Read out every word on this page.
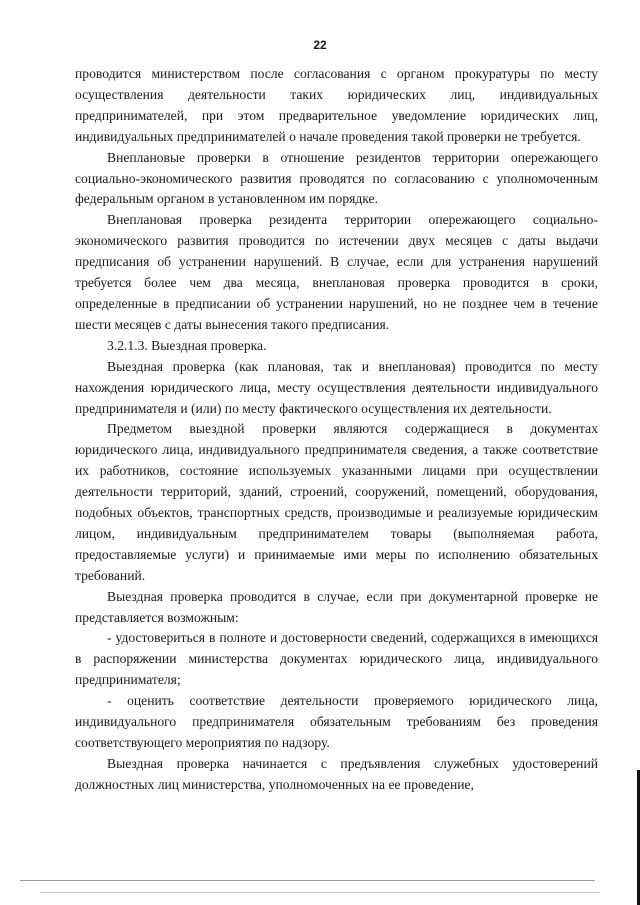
22

проводится министерством после согласования с органом прокуратуры по месту осуществления деятельности таких юридических лиц, индивидуальных предпринимателей, при этом предварительное уведомление юридических лиц, индивидуальных предпринимателей о начале проведения такой проверки не требуется.

Внеплановые проверки в отношение резидентов территории опережающего социально-экономического развития проводятся по согласованию с уполномоченным федеральным органом в установленном им порядке.

Внеплановая проверка резидента территории опережающего социально-экономического развития проводится по истечении двух месяцев с даты выдачи предписания об устранении нарушений. В случае, если для устранения нарушений требуется более чем два месяца, внеплановая проверка проводится в сроки, определенные в предписании об устранении нарушений, но не позднее чем в течение шести месяцев с даты вынесения такого предписания.

3.2.1.3. Выездная проверка.

Выездная проверка (как плановая, так и внеплановая) проводится по месту нахождения юридического лица, месту осуществления деятельности индивидуального предпринимателя и (или) по месту фактического осуществления их деятельности.

Предметом выездной проверки являются содержащиеся в документах юридического лица, индивидуального предпринимателя сведения, а также соответствие их работников, состояние используемых указанными лицами при осуществлении деятельности территорий, зданий, строений, сооружений, помещений, оборудования, подобных объектов, транспортных средств, производимые и реализуемые юридическим лицом, индивидуальным предпринимателем товары (выполняемая работа, предоставляемые услуги) и принимаемые ими меры по исполнению обязательных требований.

Выездная проверка проводится в случае, если при документарной проверке не представляется возможным:

- удостовериться в полноте и достоверности сведений, содержащихся в имеющихся в распоряжении министерства документах юридического лица, индивидуального предпринимателя;

- оценить соответствие деятельности проверяемого юридического лица, индивидуального предпринимателя обязательным требованиям без проведения соответствующего мероприятия по надзору.

Выездная проверка начинается с предъявления служебных удостоверений должностных лиц министерства, уполномоченных на ее проведение,
